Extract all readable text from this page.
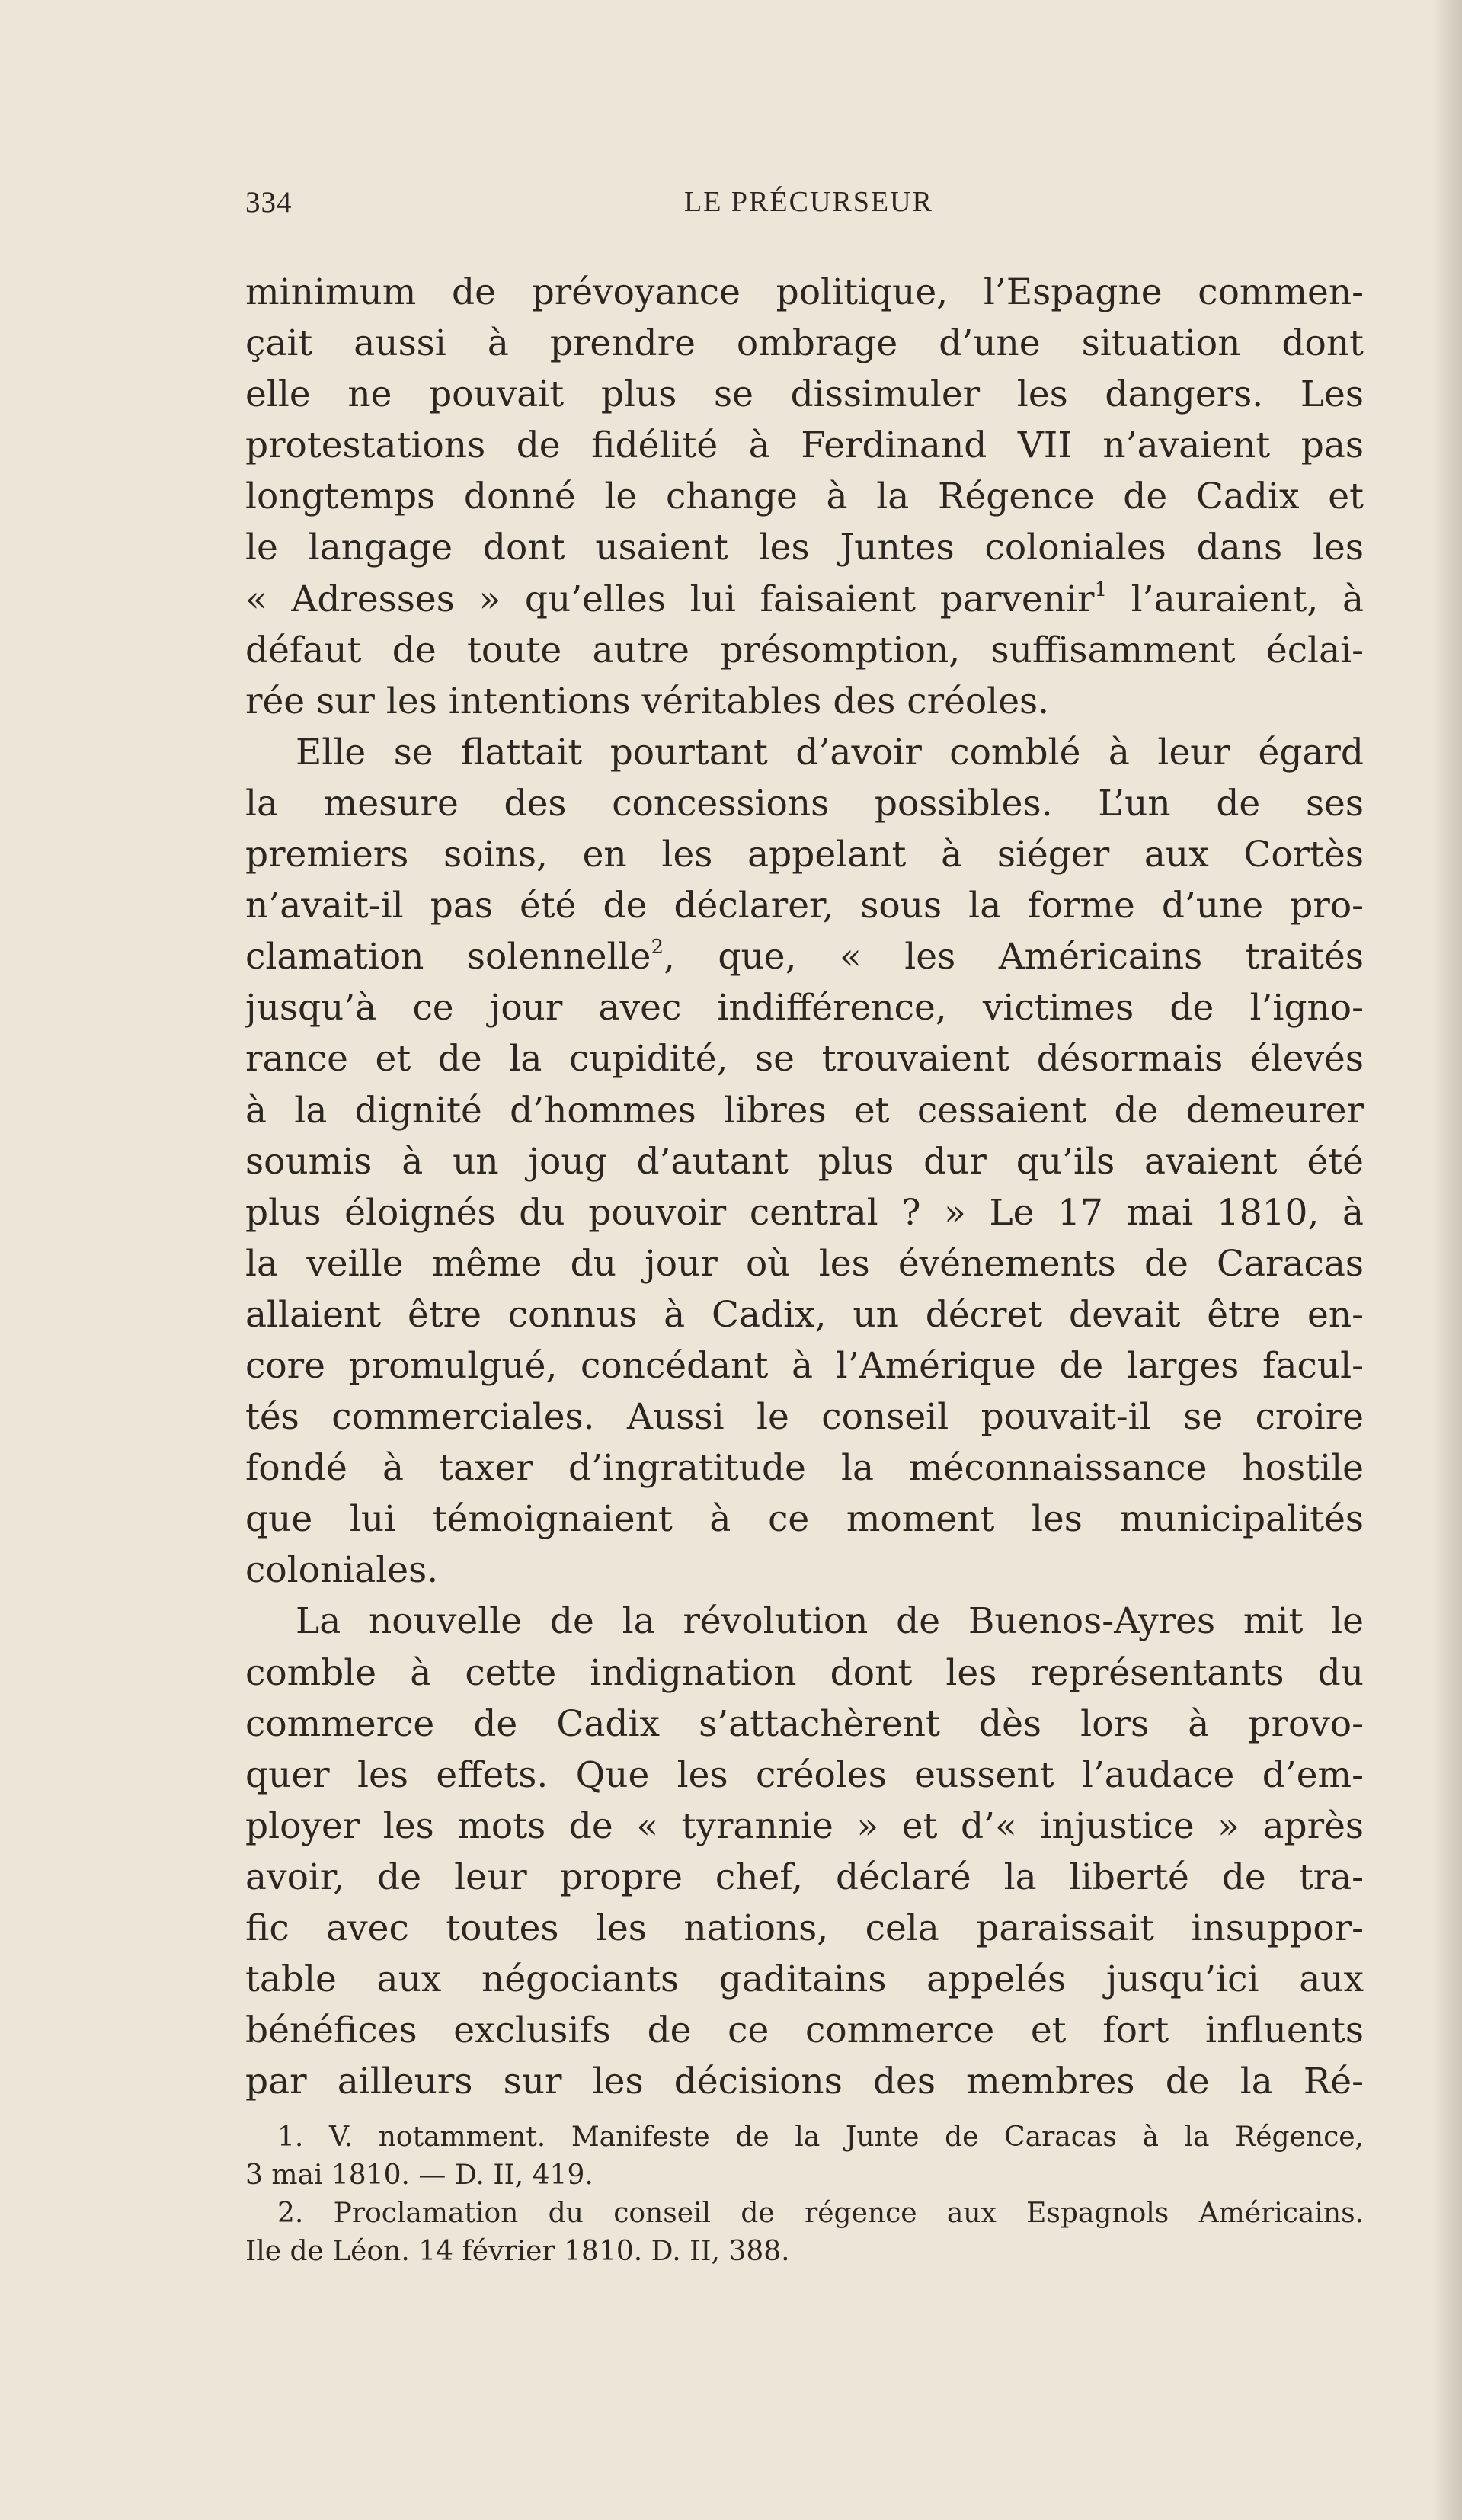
334	LE PRÉCURSEUR
minimum de prévoyance politique, l’Espagne commen-
çait aussi à prendre ombrage d’une situation dont
elle ne pouvait plus se dissimuler les dangers. Les
protestations de fidélité à Ferdinand VII n’avaient pas
longtemps donné le change à la Régence de Cadix et
le langage dont usaient les Juntes coloniales dans les
« Adresses » qu’elles lui faisaient parvenir$^1$ l’auraient, à
défaut de toute autre présomption, suffisamment éclai-
rée sur les intentions véritables des créoles.
Elle se flattait pourtant d’avoir comblé à leur égard
la mesure des concessions possibles. L’un de ses
premiers soins, en les appelant à siéger aux Cortès
n’avait-il pas été de déclarer, sous la forme d’une pro-
clamation solennelle$^2$, que, « les Américains traités
jusqu’à ce jour avec indifférence, victimes de l’igno-
rance et de la cupidité, se trouvaient désormais élevés
à la dignité d’hommes libres et cessaient de demeurer
soumis à un joug d’autant plus dur qu’ils avaient été
plus éloignés du pouvoir central ? » Le 17 mai 1810, à
la veille même du jour où les événements de Caracas
allaient être connus à Cadix, un décret devait être en-
core promulgué, concédant à l’Amérique de larges facul-
tés commerciales. Aussi le conseil pouvait-il se croire
fondé à taxer d’ingratitude la méconnaissance hostile
que lui témoignaient à ce moment les municipalités
coloniales.
La nouvelle de la révolution de Buenos-Ayres mit le
comble à cette indignation dont les représentants du
commerce de Cadix s’attachèrent dès lors à provo-
quer les effets. Que les créoles eussent l’audace d’em-
ployer les mots de « tyrannie » et d’« injustice » après
avoir, de leur propre chef, déclaré la liberté de tra-
fic avec toutes les nations, cela paraissait insuppor-
table aux négociants gaditains appelés jusqu’ici aux
bénéfices exclusifs de ce commerce et fort influents
par ailleurs sur les décisions des membres de la Ré-
1. V. notamment. Manifeste de la Junte de Caracas à la Régence,
3 mai 1810. — D. II, 419.
2. Proclamation du conseil de régence aux Espagnols Américains.
Ile de Léon. 14 février 1810. D. II, 388.
